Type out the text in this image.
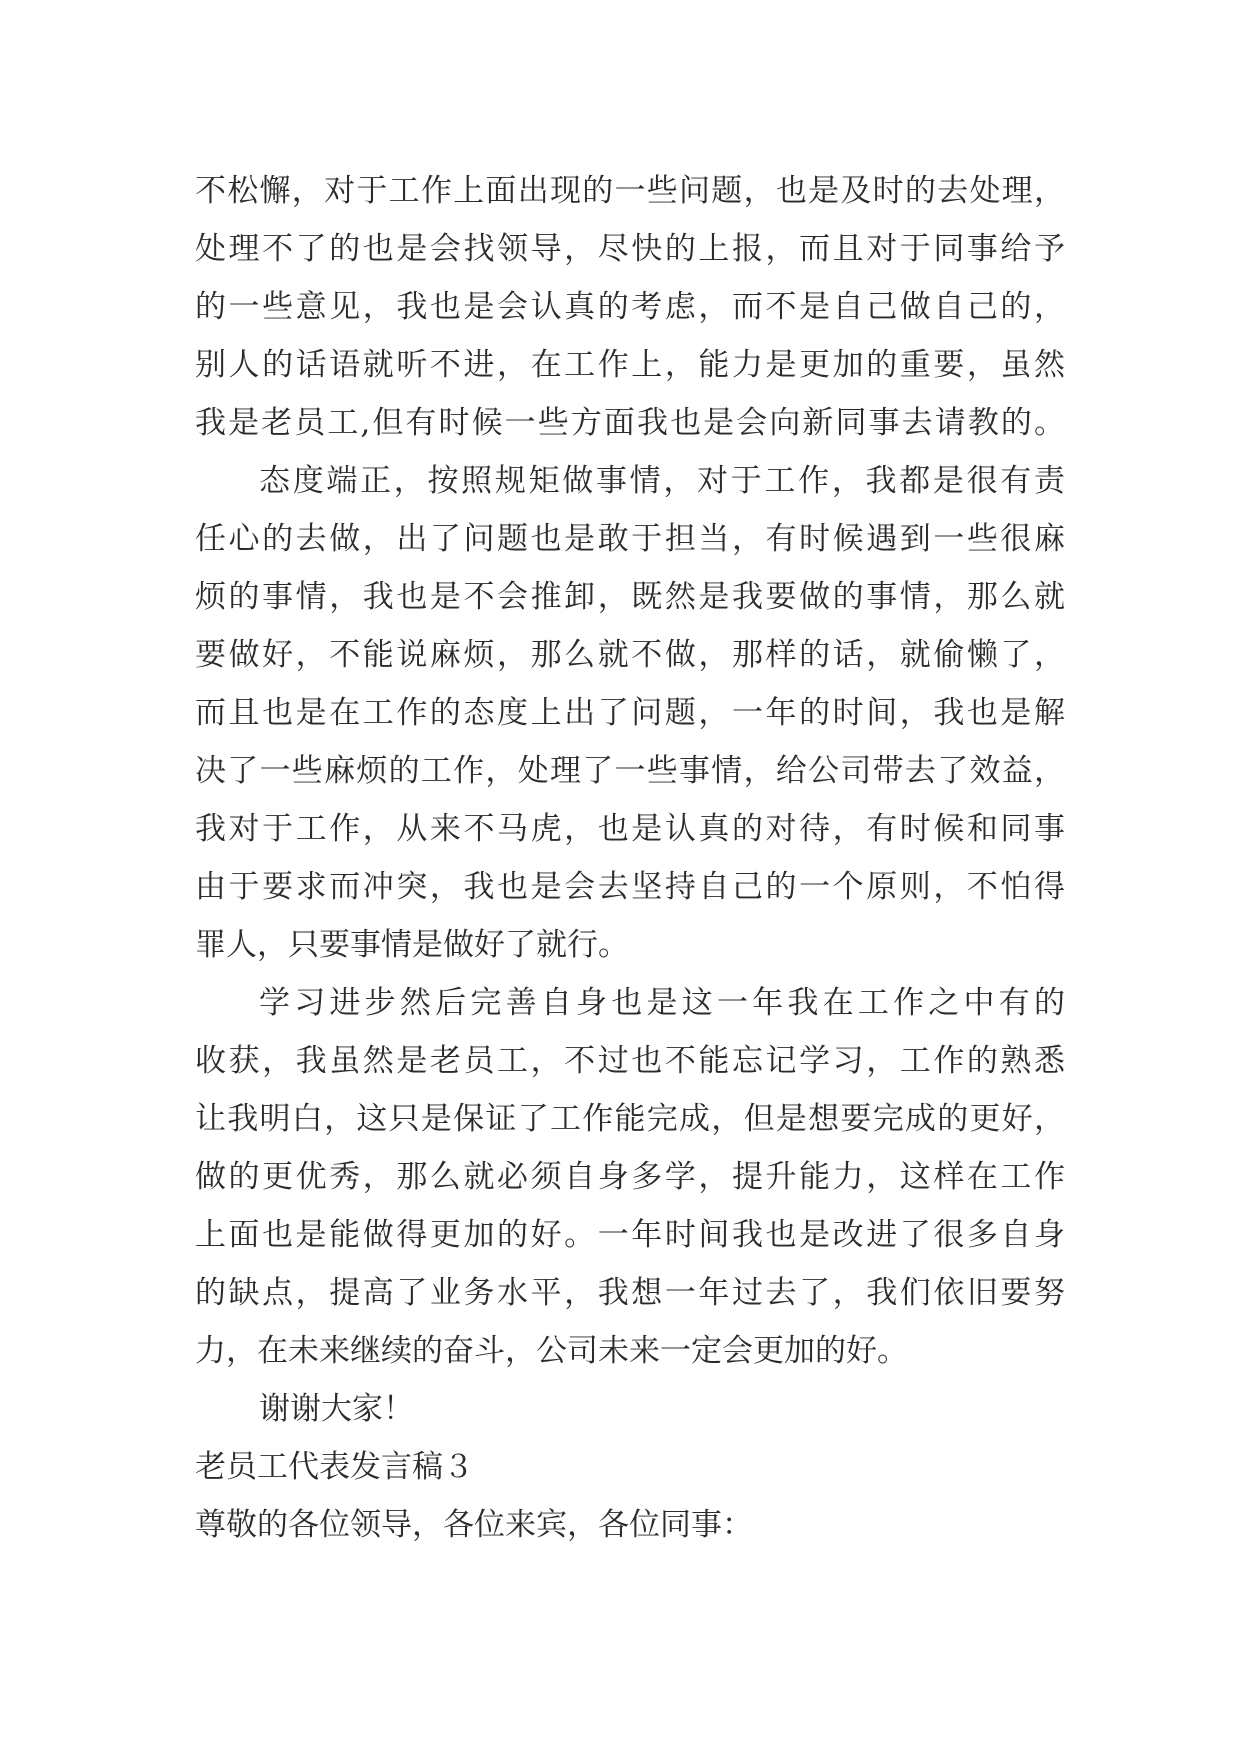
不松懈，对于工作上面出现的一些问题，也是及时的去处理，
处理不了的也是会找领导，尽快的上报，而且对于同事给予
的一些意见，我也是会认真的考虑，而不是自己做自己的，
别人的话语就听不进，在工作上，能力是更加的重要，虽然
我是老员工,但有时候一些方面我也是会向新同事去请教的。
态度端正，按照规矩做事情，对于工作，我都是很有责
任心的去做，出了问题也是敢于担当，有时候遇到一些很麻
烦的事情，我也是不会推卸，既然是我要做的事情，那么就
要做好，不能说麻烦，那么就不做，那样的话，就偷懒了，
而且也是在工作的态度上出了问题，一年的时间，我也是解
决了一些麻烦的工作，处理了一些事情，给公司带去了效益，
我对于工作，从来不马虎，也是认真的对待，有时候和同事
由于要求而冲突，我也是会去坚持自己的一个原则，不怕得
罪人，只要事情是做好了就行。
学习进步然后完善自身也是这一年我在工作之中有的
收获，我虽然是老员工，不过也不能忘记学习，工作的熟悉
让我明白，这只是保证了工作能完成，但是想要完成的更好，
做的更优秀，那么就必须自身多学，提升能力，这样在工作
上面也是能做得更加的好。一年时间我也是改进了很多自身
的缺点，提高了业务水平，我想一年过去了，我们依旧要努
力，在未来继续的奋斗，公司未来一定会更加的好。
谢谢大家！
老员工代表发言稿３
尊敬的各位领导，各位来宾，各位同事：
